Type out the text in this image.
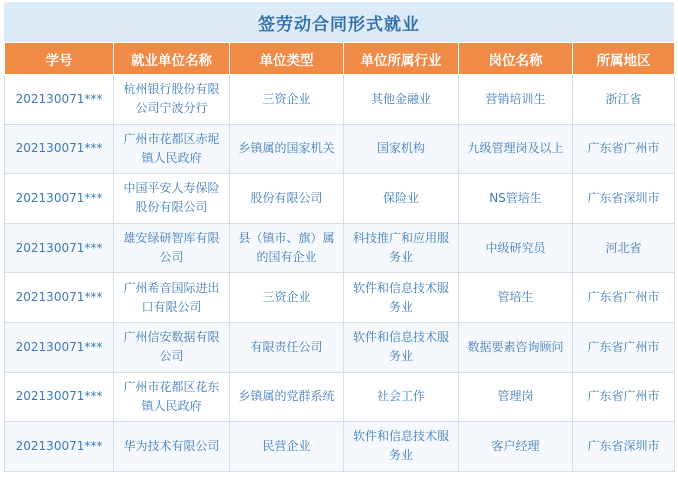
签劳动合同形式就业
学号	就业单位名称	单位类型	单位所属行业	岗位名称	所属地区
202130071***	杭州银行股份有限公司宁波分行	三资企业	其他金融业	营销培训生	浙江省
202130071***	广州市花都区赤坭镇人民政府	乡镇属的国家机关	国家机构	九级管理岗及以上	广东省广州市
202130071***	中国平安人寿保险股份有限公司	股份有限公司	保险业	NS管培生	广东省深圳市
202130071***	雄安绿研智库有限公司	县（镇市、旗）属的国有企业	科技推广和应用服务业	中级研究员	河北省
202130071***	广州希音国际进出口有限公司	三资企业	软件和信息技术服务业	管培生	广东省广州市
202130071***	广州信安数据有限公司	有限责任公司	软件和信息技术服务业	数据要素咨询顾问	广东省广州市
202130071***	广州市花都区花东镇人民政府	乡镇属的党群系统	社会工作	管理岗	广东省广州市
202130071***	华为技术有限公司	民营企业	软件和信息技术服务业	客户经理	广东省深圳市
